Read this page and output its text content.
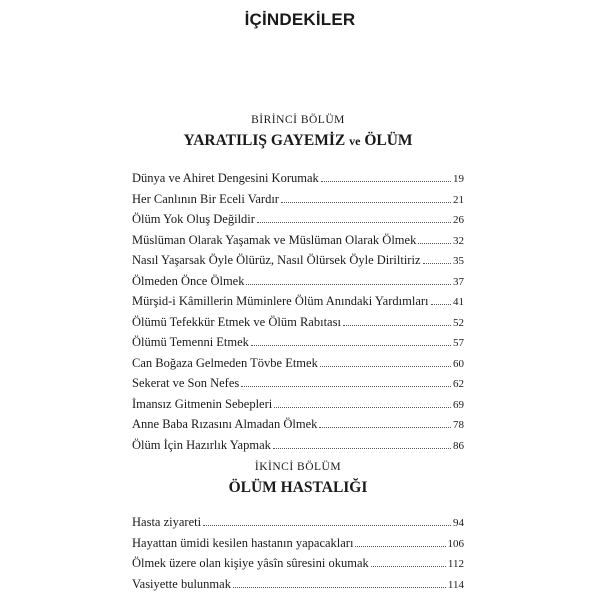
İÇİNDEKİLER
BİRİNCİ BÖLÜM
YARATILIŞ GAYEMİZ ve ÖLÜM
Dünya ve Ahiret Dengesini Korumak	19
Her Canlının Bir Eceli Vardır	21
Ölüm Yok Oluş Değildir	26
Müslüman Olarak Yaşamak ve Müslüman Olarak Ölmek	32
Nasıl Yaşarsak Öyle Ölürüz, Nasıl Ölürsek Öyle Diriltiriz	35
Ölmeden Önce Ölmek	37
Mürşid-i Kâmillerin Müminlere Ölüm Anındaki Yardımları 41
Ölümü Tefekkür Etmek ve Ölüm Rabıtası	52
Ölümü Temenni Etmek	57
Can Boğaza Gelmeden Tövbe Etmek	60
Sekerat ve Son Nefes	62
İmansız Gitmenin Sebepleri	69
Anne Baba Rızasını Almadan Ölmek	78
Ölüm İçin Hazırlık Yapmak	86
İKİNCİ BÖLÜM
ÖLÜM HASTALIĞI
Hasta ziyareti	94
Hayattan ümidi kesilen hastanın yapacakları	106
Ölmek üzere olan kişiye yâsîn sûresini okumak	112
Vasiyette bulunmak	114
